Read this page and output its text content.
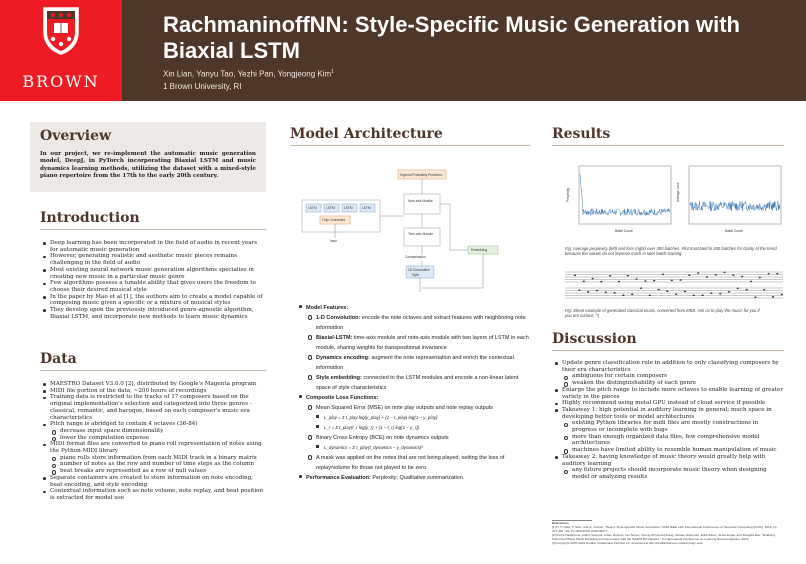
BROWN
RachmaninoffNN: Style-Specific Music Generation with Biaxial LSTM
Xin Lian, Yanyu Tao, Yezhi Pan, Yongjeong Kim$^1$
1 Brown University, RI
Overview
In our project, we re-implement the automatic music generation model, DeepJ, in PyTorch incorporating Biaxial LSTM and music dynamics learning methods, utilizing the dataset with a mixed-style piano repertoire from the 17th to the early 20th century.
Introduction
Deep learning has been incorporated in the field of audio in recent years for automatic music generation
However, generating realistic and aesthetic music pieces remains challenging in the field of audio
Most existing neural network music generation algorithms specialize in creating new music in a particular music genre
Few algorithms possess a tunable ability that gives users the freedom to choose their desired musical style
In the paper by Mao et al [1], the authors aim to create a model capable of composing music given a specific or a mixture of musical styles
They develop upon the previously introduced genre-agnostic algorithm, Biaxial LSTM, and incorporate new methods to learn music dynamics
Data
MAESTRO Dataset V3.0.0 [2], distributed by Google's Magenta program
MIDI file portion of the data, ~200 hours of recordings
Training data is restricted to the tracks of 17 composers based on the original implementation's selection and categorized into three genres - classical, romantic, and baroque, based on each composer's music era characteristics
Pitch range is abridged to contain 4 octaves (36-84)
decrease input space dimensionality
lower the computation expense
MIDI format files are converted to piano roll representation of notes using the Python-MIDI library
piano rolls store information from each MIDI track in a binary matrix
number of notes as the row and number of time steps as the column
beat breaks are represented as a row of null values
Separate containers are created to store information on note encoding, beat encoding, and style encoding
Contextual information such as note volume, note replay, and beat position is extracted for model use
Model Architecture
LSTM	LSTM	LSTM	LSTM
Fully Connected
Input
Sigmoid Probability Prediction
Note-axis Module
Time-axis Module
Concatenation
1D Convolution
Style
Embedding
Model Features:
1-D Convolution: encode the note octaves and extract features with neighboring note information
Biaxial-LSTM: time-axis module and note-axis module with two layers of LSTM in each module, sharing weights for transpositional invariance
Dynamics encoding: augment the note representation and enrich the contextual information
Style embedding: connected to the LSTM modules and encode a non-linear latent space of style characteristics
Composite Loss Functions:
Mean Squared Error (MSE) on note play outputs and note replay outputs
L_play = Σ t_play log(y_play) + (1 − t_play) log(1 − y_play)
L_r = Σ t_play(t_r log(y_r) + (1 − t_r) log(1 − y_r))
Binary Cross Entropy (BCE) on note dynamics outputs
L_dynamics = Σ t_play(t_dynamics − y_dynamics)²
A mask was applied on the notes that are not being played, setting the loss of replay/volume for those not played to be zero.
Performance Evaluation: Perplexity; Qualitative summarization.
Results
Perplexity
Batch Count
Average Loss
Batch Count
Fig: Average perplexity (left) and loss (right) over 300 batches. Plot truncated to 300 batches for clarity of the trend because the values do not improve much in later batch training.
Fig: Sheet example of generated classical music, converted from MIDI. Ask us to play the music for you if you are curious :^)
Discussion
Update genre classification rule in addition to only classifying composers by their era characteristics
ambiguous for certain composers
weaken the distinguishability of each genre
Enlarge the pitch range to include more octaves to enable learning of greater variety in the pieces
Highly recommend using metal GPU instead of cloud service if possible
Takeaway 1: high potential in auditory learning in general; much space in developing better tools or model architectures
existing Python libraries for midi files are mostly constructions in progress or incomplete with bugs
more than enough organized data files, few comprehensive model architectures
machines have limited ability to resemble human manipulation of music
Takeaway 2: having knowledge of music theory would greatly help with auditory learning
any future projects should incorporate music theory when designing model or analyzing results
References
[1] H. H. Mao, T. Shin, and G. Cottrell, "DeepJ: Style-Specific Music Generation" 2018 IEEE 12th International Conference on Semantic Computing (ICSC), 2018, pp. 377-382, doi: 10.1109/ICSC.2018.00077.
[2] Curtis Hawthorne, Andriy Stasyuk, Adam Roberts, Ian Simon, Cheng-Zhi Anna Huang, Sander Dieleman, Erich Elsen, Jesse Engel, and Douglas Eck. "Enabling Factorized Piano Music Modeling and Generation with the MAESTRO Dataset." In International Conference on Learning Representations, 2019.
[3] Copyright 2007-2022 Hodliar Yudianhana Perivinu LA. Accessed at http://hodliarrbersvos.master/reign.test/
